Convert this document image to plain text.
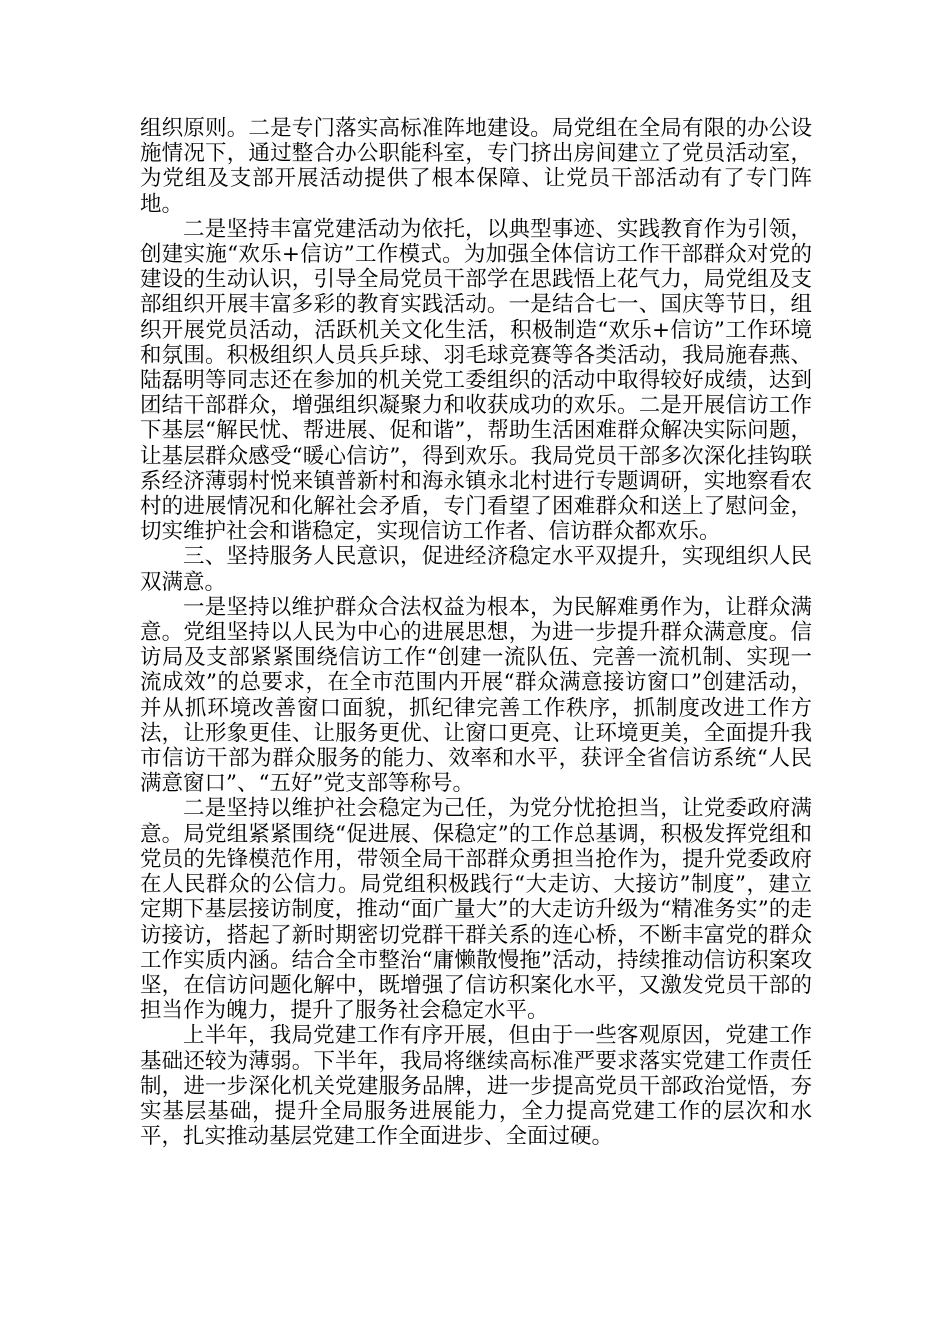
组织原则。二是专门落实高标准阵地建设。局党组在全局有限的办公设施情况下，通过整合办公职能科室，专门挤出房间建立了党员活动室，为党组及支部开展活动提供了根本保障、让党员干部活动有了专门阵地。

二是坚持丰富党建活动为依托，以典型事迹、实践教育作为引领，创建实施“欢乐+信访”工作模式。为加强全体信访工作干部群众对党的建设的生动认识，引导全局党员干部学在思践悟上花气力，局党组及支部组织开展丰富多彩的教育实践活动。一是结合七一、国庆等节日，组织开展党员活动，活跃机关文化生活，积极制造“欢乐+信访”工作环境和氛围。积极组织人员兵乒球、羽毛球竞赛等各类活动，我局施春燕、陆磊明等同志还在参加的机关党工委组织的活动中取得较好成绩，达到团结干部群众，增强组织凝聚力和收获成功的欢乐。二是开展信访工作下基层“解民忧、帮进展、促和谐”，帮助生活困难群众解决实际问题，让基层群众感受“暖心信访”，得到欢乐。我局党员干部多次深化挂钩联系经济薄弱村悦来镇普新村和海永镇永北村进行专题调研，实地察看农村的进展情况和化解社会矛盾，专门看望了困难群众和送上了慰问金，切实维护社会和谐稳定，实现信访工作者、信访群众都欢乐。

三、坚持服务人民意识，促进经济稳定水平双提升，实现组织人民双满意。

一是坚持以维护群众合法权益为根本，为民解难勇作为，让群众满意。党组坚持以人民为中心的进展思想，为进一步提升群众满意度。信访局及支部紧紧围绕信访工作“创建一流队伍、完善一流机制、实现一流成效”的总要求，在全市范围内开展“群众满意接访窗口”创建活动，并从抓环境改善窗口面貌，抓纪律完善工作秩序，抓制度改进工作方法，让形象更佳、让服务更优、让窗口更亮、让环境更美，全面提升我市信访干部为群众服务的能力、效率和水平，获评全省信访系统“人民满意窗口”、“五好”党支部等称号。

二是坚持以维护社会稳定为己任，为党分忧抢担当，让党委政府满意。局党组紧紧围绕“促进展、保稳定”的工作总基调，积极发挥党组和党员的先锋模范作用，带领全局干部群众勇担当抢作为，提升党委政府在人民群众的公信力。局党组积极践行“大走访、大接访”制度”，建立定期下基层接访制度，推动“面广量大”的大走访升级为“精准务实”的走访接访，搭起了新时期密切党群干群关系的连心桥，不断丰富党的群众工作实质内涵。结合全市整治“庸懒散慢拖”活动，持续推动信访积案攻坚，在信访问题化解中，既增强了信访积案化水平，又激发党员干部的担当作为魄力，提升了服务社会稳定水平。

上半年，我局党建工作有序开展，但由于一些客观原因，党建工作基础还较为薄弱。下半年，我局将继续高标准严要求落实党建工作责任制，进一步深化机关党建服务品牌，进一步提高党员干部政治觉悟，夯实基层基础，提升全局服务进展能力，全力提高党建工作的层次和水平，扎实推动基层党建工作全面进步、全面过硬。
